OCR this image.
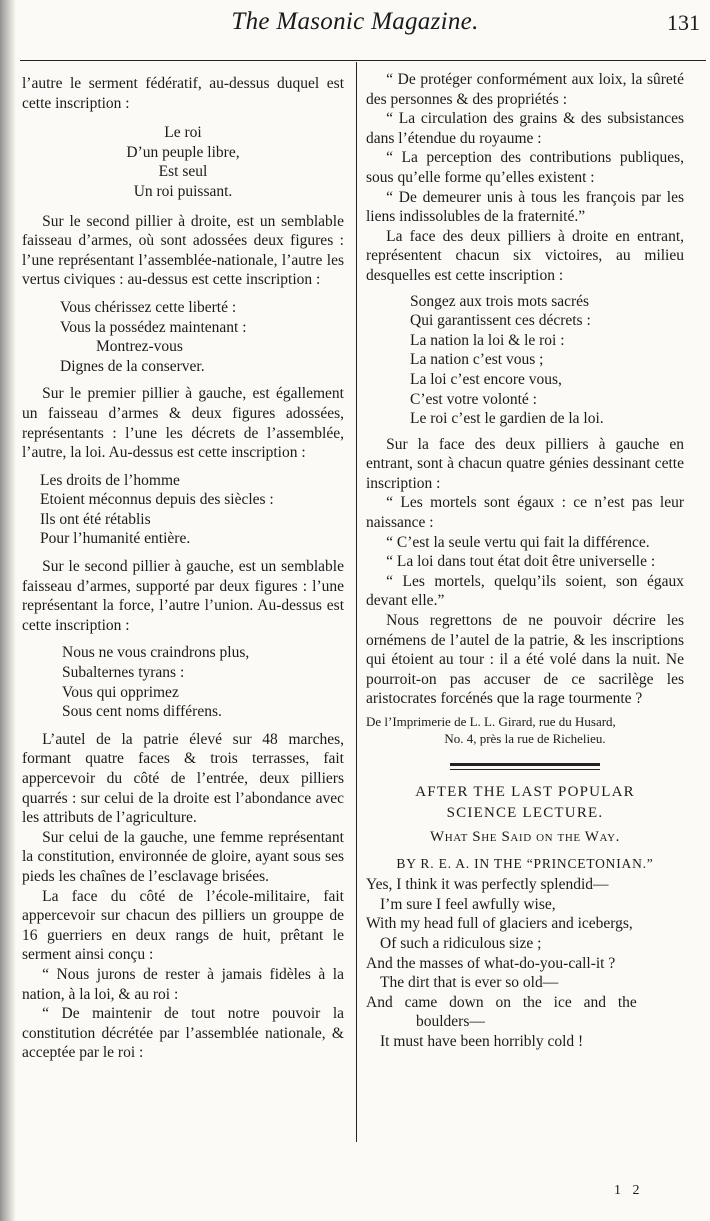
The Masonic Magazine.	131

l’autre le serment fédératif, au-dessus duquel est cette inscription :

Le roi
D’un peuple libre,
Est seul
Un roi puissant.

Sur le second pillier à droite, est un semblable faisseau d’armes, où sont adossées deux figures : l’une représentant l’assemblée-nationale, l’autre les vertus civiques : au-dessus est cette inscription :

Vous chérissez cette liberté :
Vous la possédez maintenant :
Montrez-vous
Dignes de la conserver.

Sur le premier pillier à gauche, est égallement un faisseau d’armes & deux figures adossées, représentants : l’une les décrets de l’assemblée, l’autre, la loi. Au-dessus est cette inscription :

Les droits de l’homme
Etoient méconnus depuis des siècles :
Ils ont été rétablis
Pour l’humanité entière.

Sur le second pillier à gauche, est un semblable faisseau d’armes, supporté par deux figures : l’une représentant la force, l’autre l’union. Au-dessus est cette inscription :

Nous ne vous craindrons plus,
Subalternes tyrans :
Vous qui opprimez
Sous cent noms différens.

L’autel de la patrie élevé sur 48 marches, formant quatre faces & trois terrasses, fait appercevoir du côté de l’entrée, deux pilliers quarrés : sur celui de la droite est l’abondance avec les attributs de l’agriculture.

Sur celui de la gauche, une femme représentant la constitution, environnée de gloire, ayant sous ses pieds les chaînes de l’esclavage brisées.

La face du côté de l’école-militaire, fait appercevoir sur chacun des pilliers un grouppe de 16 guerriers en deux rangs de huit, prêtant le serment ainsi conçu :

“ Nous jurons de rester à jamais fidèles à la nation, à la loi, & au roi :

“ De maintenir de tout notre pouvoir la constitution décrétée par l’assemblée nationale, & acceptée par le roi :

“ De protéger conformément aux loix, la sûreté des personnes & des propriétés :

“ La circulation des grains & des subsistances dans l’étendue du royaume :

“ La perception des contributions publiques, sous qu’elle forme qu’elles existent :

“ De demeurer unis à tous les françois par les liens indissolubles de la fraternité.”

La face des deux pilliers à droite en entrant, représentent chacun six victoires, au milieu desquelles est cette inscription :

Songez aux trois mots sacrés
Qui garantissent ces décrets :
La nation la loi & le roi :
La nation c’est vous ;
La loi c’est encore vous,
C’est votre volonté :
Le roi c’est le gardien de la loi.

Sur la face des deux pilliers à gauche en entrant, sont à chacun quatre génies dessinant cette inscription :

“ Les mortels sont égaux : ce n’est pas leur naissance :

“ C’est la seule vertu qui fait la différence.

“ La loi dans tout état doit être universelle :

“ Les mortels, quelqu’ils soient, son égaux devant elle.”

Nous regrettons de ne pouvoir décrire les ornémens de l’autel de la patrie, & les inscriptions qui étoient au tour : il a été volé dans la nuit. Ne pourroit-on pas accuser de ce sacrilège les aristocrates forcénés que la rage tourmente ?

De l’Imprimerie de L. L. Girard, rue du Husard,
No. 4, près la rue de Richelieu.
AFTER THE LAST POPULAR
SCIENCE LECTURE.
What She Said on the Way.
BY R. E. A. IN THE “PRINCETONIAN.”
Yes, I think it was perfectly splendid—
I’m sure I feel awfully wise,
With my head full of glaciers and icebergs,
Of such a ridiculous size ;
And the masses of what-do-you-call-it ?
The dirt that is ever so old—
And came down on the ice and the
boulders—
It must have been horribly cold !
1 2
